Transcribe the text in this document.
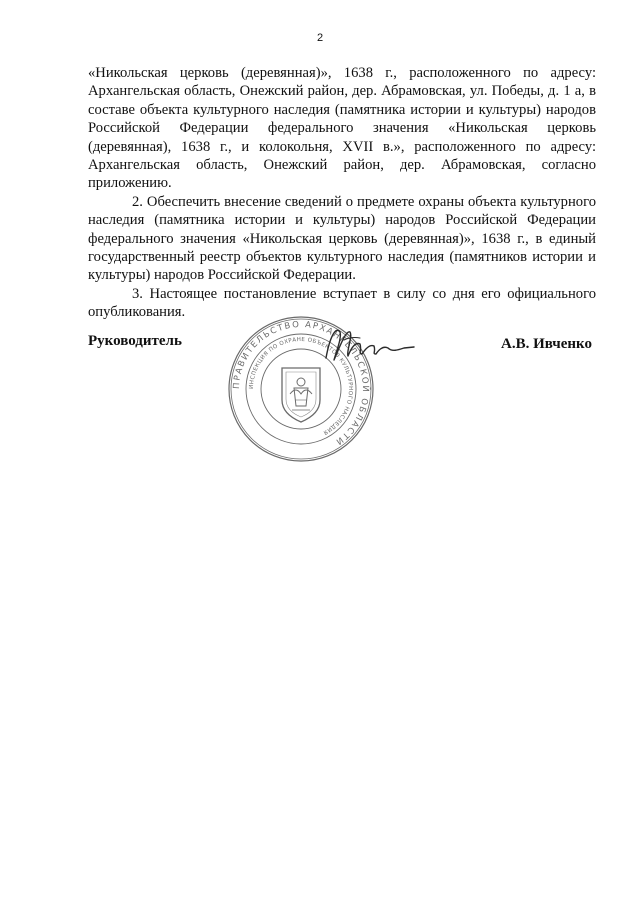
2

«Никольская церковь (деревянная)», 1638 г., расположенного по адресу: Архангельская область, Онежский район, дер. Абрамовская, ул. Победы, д. 1 а, в составе объекта культурного наследия (памятника истории и культуры) народов Российской Федерации федерального значения «Никольская церковь (деревянная), 1638 г., и колокольня, XVII в.», расположенного по адресу: Архангельская область, Онежский район, дер. Абрамовская, согласно приложению.

2. Обеспечить внесение сведений о предмете охраны объекта культурного наследия (памятника истории и культуры) народов Российской Федерации федерального значения «Никольская церковь (деревянная)», 1638 г., в единый государственный реестр объектов культурного наследия (памятников истории и культуры) народов Российской Федерации.

3. Настоящее постановление вступает в силу со дня его официального опубликования.

Руководитель	А.В. Ивченко
ПРАВИТЕЛЬСТВО АРХАНГЕЛЬСКОЙ ОБЛАСТИ
ИНСПЕКЦИЯ ПО ОХРАНЕ ОБЪЕКТОВ КУЛЬТУРНОГО НАСЛЕДИЯ
